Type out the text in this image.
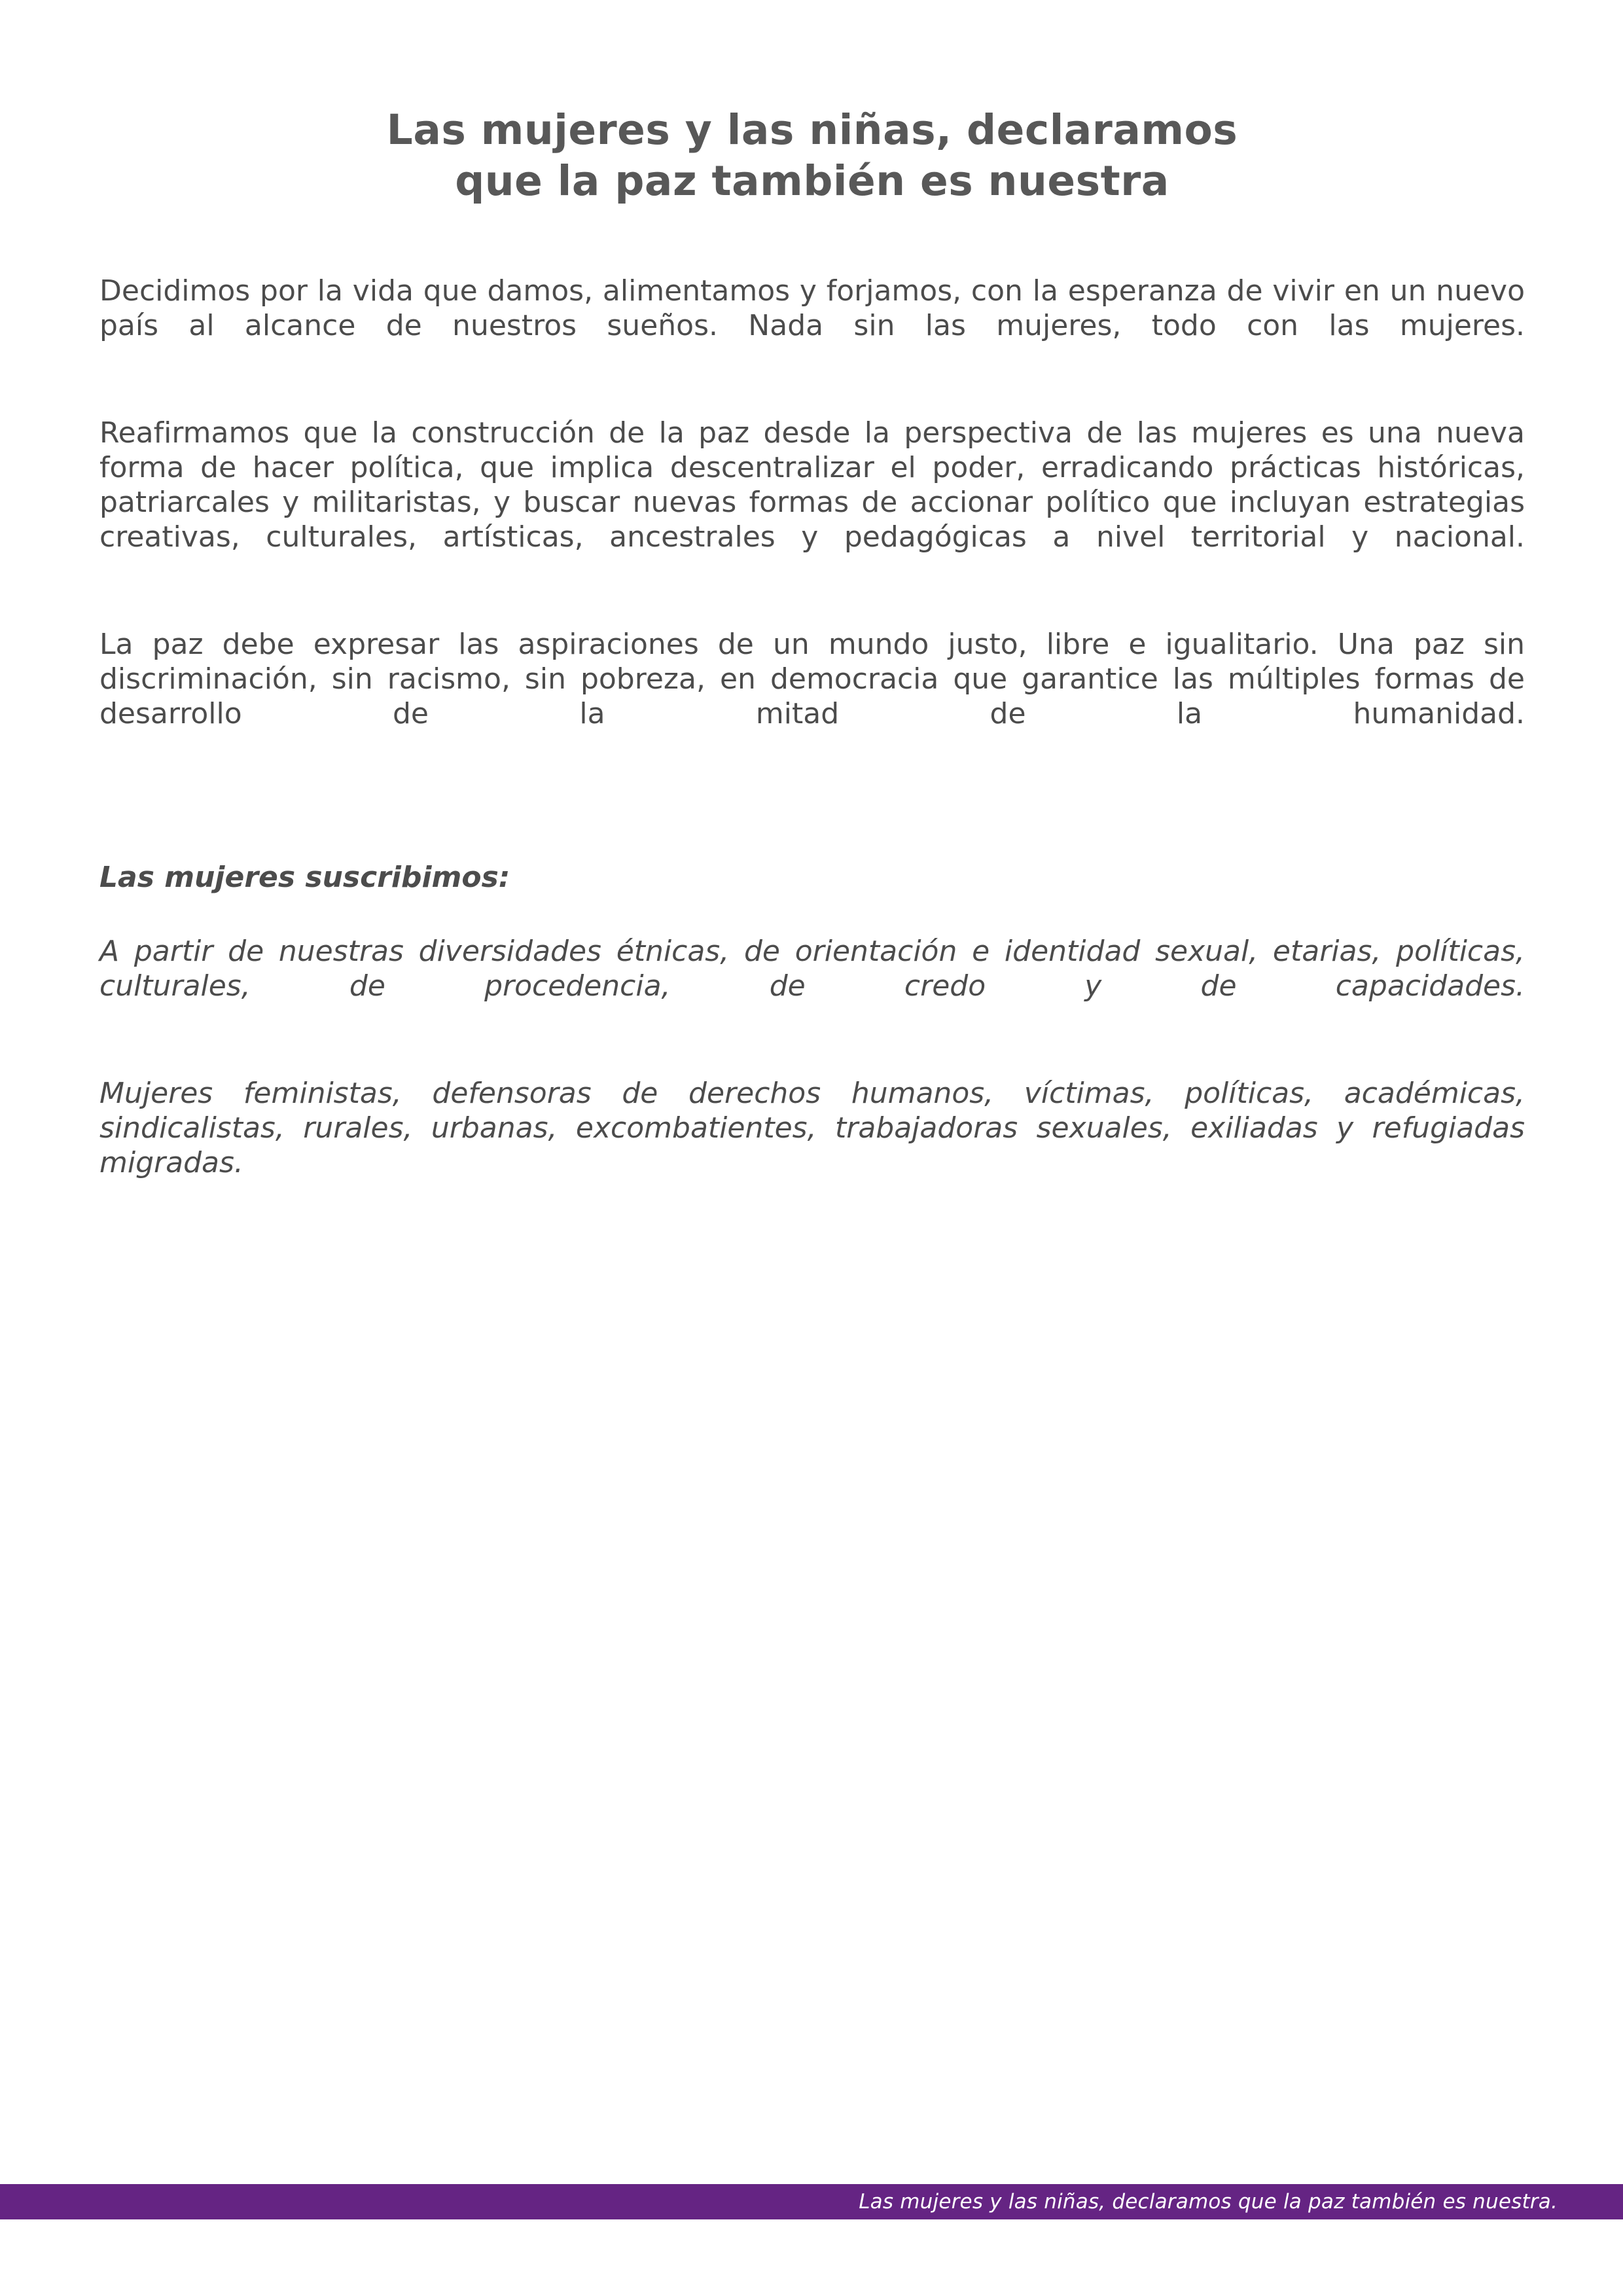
Las mujeres y las niñas, declaramos
que la paz también es nuestra

Decidimos por la vida que damos, alimentamos y forjamos, con la esperanza de vivir en un nuevo país al alcance de nuestros sueños. Nada sin las mujeres, todo con las mujeres.

Reafirmamos que la construcción de la paz desde la perspectiva de las mujeres es una nueva forma de hacer política, que implica descentralizar el poder, erradicando prácticas históricas, patriarcales y militaristas, y buscar nuevas formas de accionar político que incluyan estrategias creativas, culturales, artísticas, ancestrales y pedagógicas a nivel territorial y nacional.

La paz debe expresar las aspiraciones de un mundo justo, libre e igualitario. Una paz sin discriminación, sin racismo, sin pobreza, en democracia que garantice las múltiples formas de desarrollo de la mitad de la humanidad.

Las mujeres suscribimos:

A partir de nuestras diversidades étnicas, de orientación e identidad sexual, etarias, políticas, culturales, de procedencia, de credo y de capacidades.

Mujeres feministas, defensoras de derechos humanos, víctimas, políticas, académicas, sindicalistas, rurales, urbanas, excombatientes, trabajadoras sexuales, exiliadas y refugiadas migradas.

Las mujeres y las niñas, declaramos que la paz también es nuestra.
